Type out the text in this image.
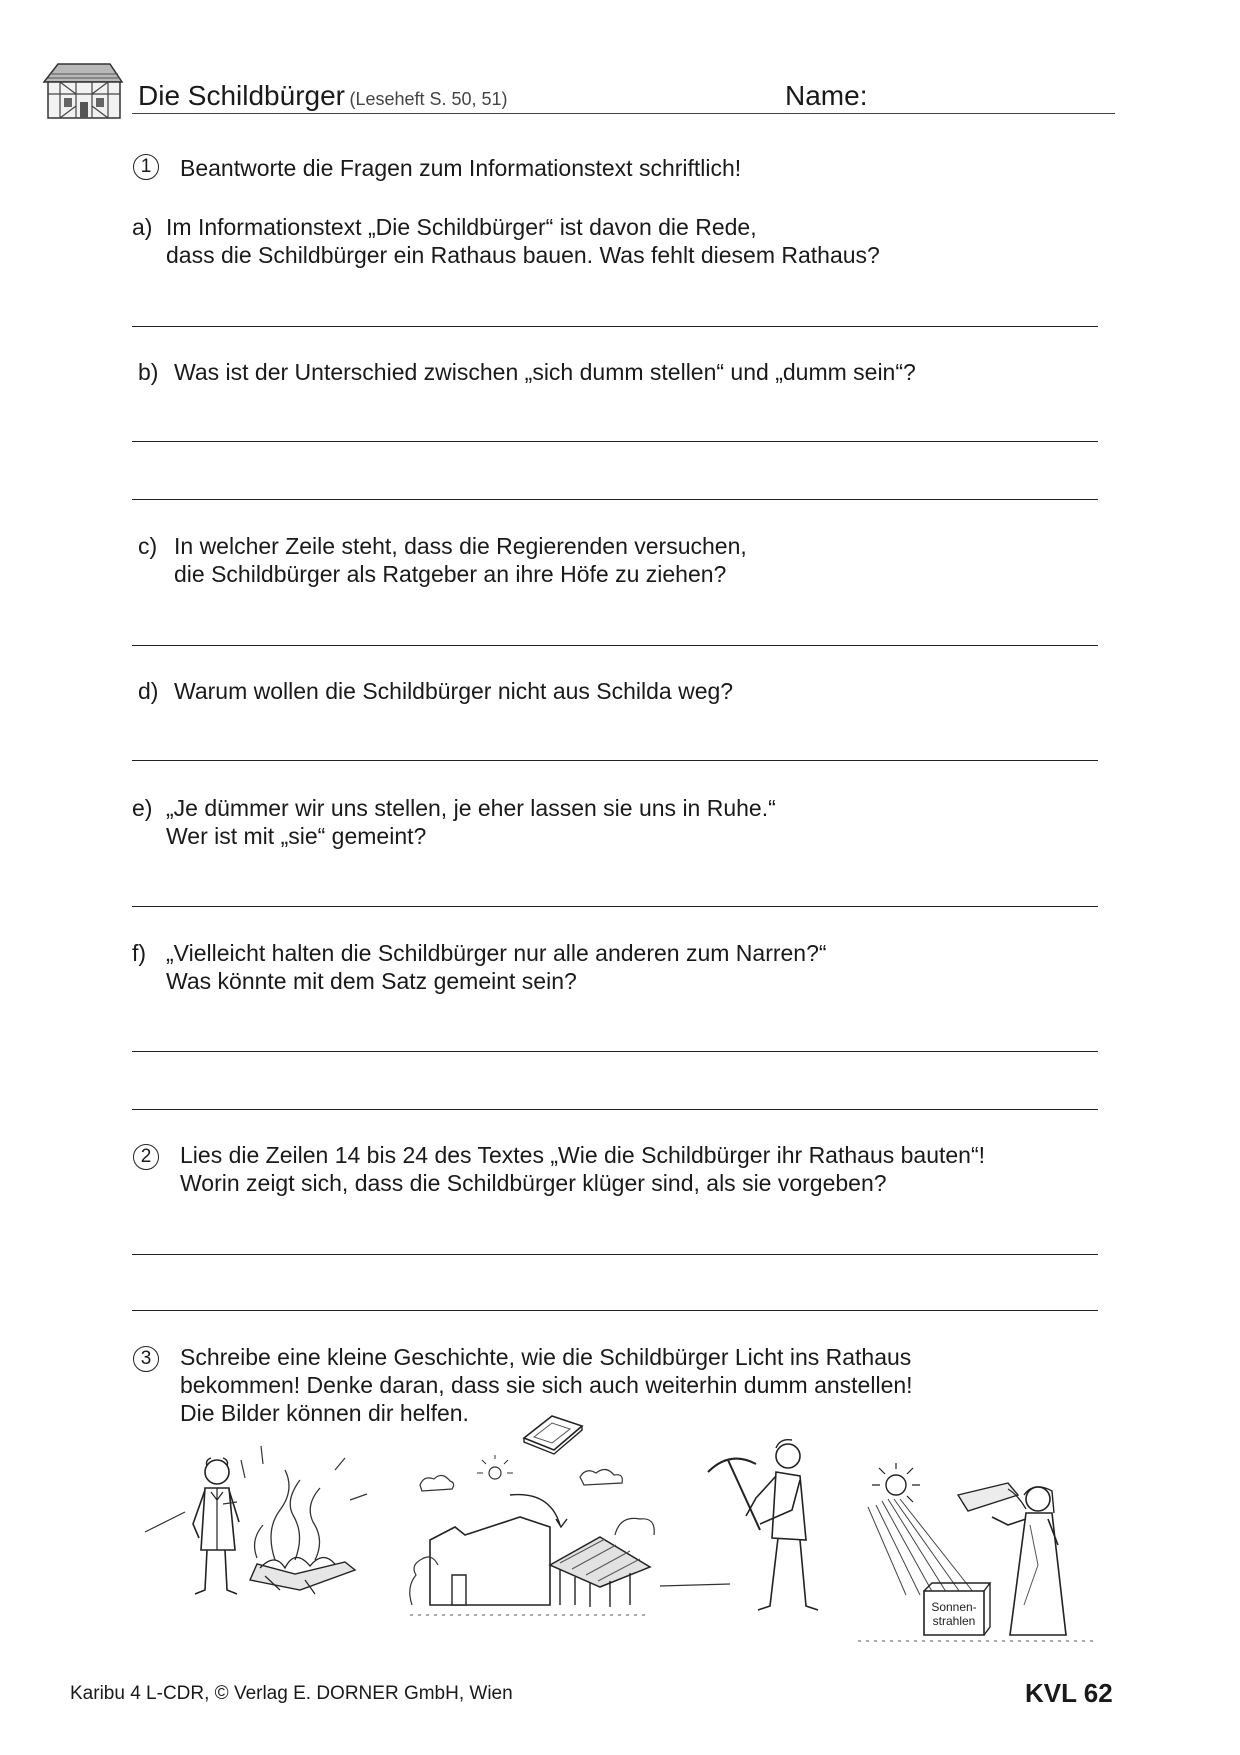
Die Schildbürger (Leseheft S. 50, 51)	Name:
1	Beantworte die Fragen zum Informationstext schriftlich!
a) Im Informationstext „Die Schildbürger“ ist davon die Rede,
dass die Schildbürger ein Rathaus bauen. Was fehlt diesem Rathaus?
b) Was ist der Unterschied zwischen „sich dumm stellen“ und „dumm sein“?
c) In welcher Zeile steht, dass die Regierenden versuchen,
die Schildbürger als Ratgeber an ihre Höfe zu ziehen?
d) Warum wollen die Schildbürger nicht aus Schilda weg?
e) „Je dümmer wir uns stellen, je eher lassen sie uns in Ruhe.“
Wer ist mit „sie“ gemeint?
f) „Vielleicht halten die Schildbürger nur alle anderen zum Narren?“
Was könnte mit dem Satz gemeint sein?
2	Lies die Zeilen 14 bis 24 des Textes „Wie die Schildbürger ihr Rathaus bauten“!
Worin zeigt sich, dass die Schildbürger klüger sind, als sie vorgeben?
3	Schreibe eine kleine Geschichte, wie die Schildbürger Licht ins Rathaus
bekommen! Denke daran, dass sie sich auch weiterhin dumm anstellen!
Die Bilder können dir helfen.
Sonnen-
strahlen
Karibu 4 L-CDR, © Verlag E. DORNER GmbH, Wien	KVL 62
